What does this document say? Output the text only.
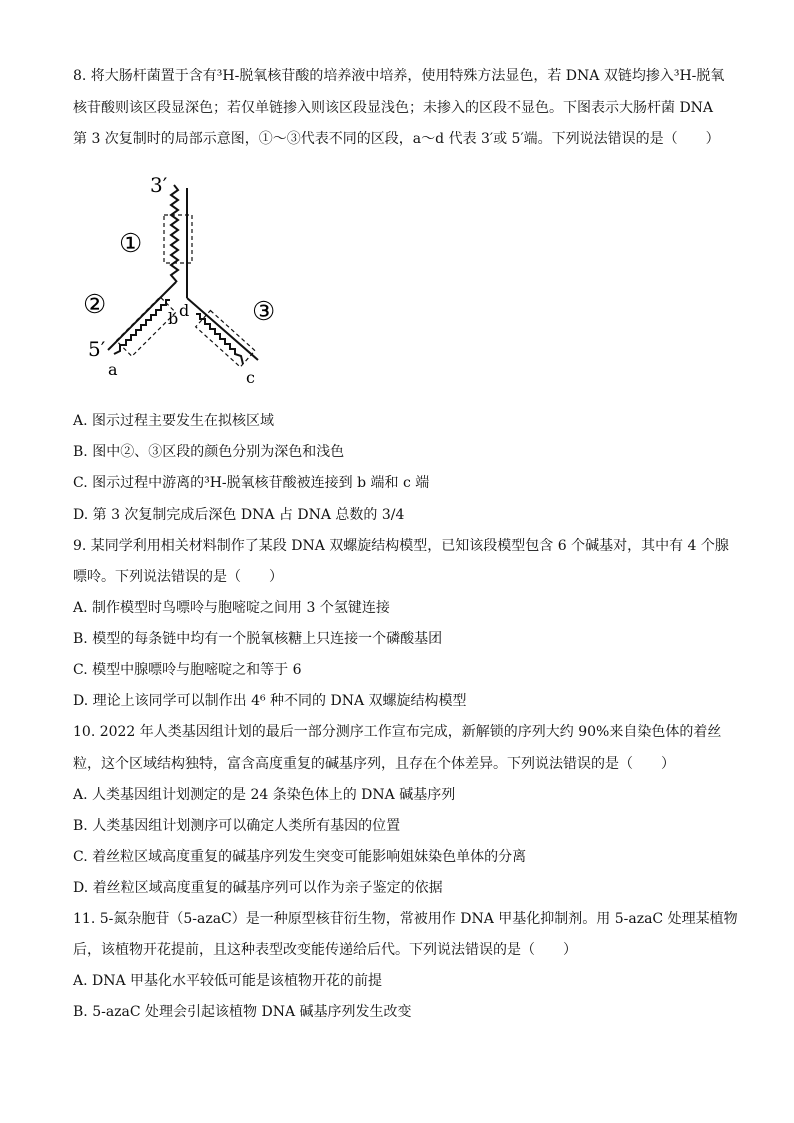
8. 将大肠杆菌置于含有³H-脱氧核苷酸的培养液中培养，使用特殊方法显色，若 DNA 双链均掺入³H-脱氧
核苷酸则该区段显深色；若仅单链掺入则该区段显浅色；未掺入的区段不显色。下图表示大肠杆菌 DNA
第 3 次复制时的局部示意图，①～③代表不同的区段，a～d 代表 3′或 5′端。下列说法错误的是（　　）
3′
①
②	③
5′
a
b
c
d
A. 图示过程主要发生在拟核区域
B. 图中②、③区段的颜色分别为深色和浅色
C. 图示过程中游离的³H-脱氧核苷酸被连接到 b 端和 c 端
D. 第 3 次复制完成后深色 DNA 占 DNA 总数的 3/4
9. 某同学利用相关材料制作了某段 DNA 双螺旋结构模型，已知该段模型包含 6 个碱基对，其中有 4 个腺
嘌呤。下列说法错误的是（　　）
A. 制作模型时鸟嘌呤与胞嘧啶之间用 3 个氢键连接
B. 模型的每条链中均有一个脱氧核糖上只连接一个磷酸基团
C. 模型中腺嘌呤与胞嘧啶之和等于 6
D. 理论上该同学可以制作出 4⁶ 种不同的 DNA 双螺旋结构模型
10. 2022 年人类基因组计划的最后一部分测序工作宣布完成，新解锁的序列大约 90%来自染色体的着丝
粒，这个区域结构独特，富含高度重复的碱基序列，且存在个体差异。下列说法错误的是（　　）
A. 人类基因组计划测定的是 24 条染色体上的 DNA 碱基序列
B. 人类基因组计划测序可以确定人类所有基因的位置
C. 着丝粒区域高度重复的碱基序列发生突变可能影响姐妹染色单体的分离
D. 着丝粒区域高度重复的碱基序列可以作为亲子鉴定的依据
11. 5-氮杂胞苷（5-azaC）是一种原型核苷衍生物，常被用作 DNA 甲基化抑制剂。用 5-azaC 处理某植物
后，该植物开花提前，且这种表型改变能传递给后代。下列说法错误的是（　　）
A. DNA 甲基化水平较低可能是该植物开花的前提
B. 5-azaC 处理会引起该植物 DNA 碱基序列发生改变
